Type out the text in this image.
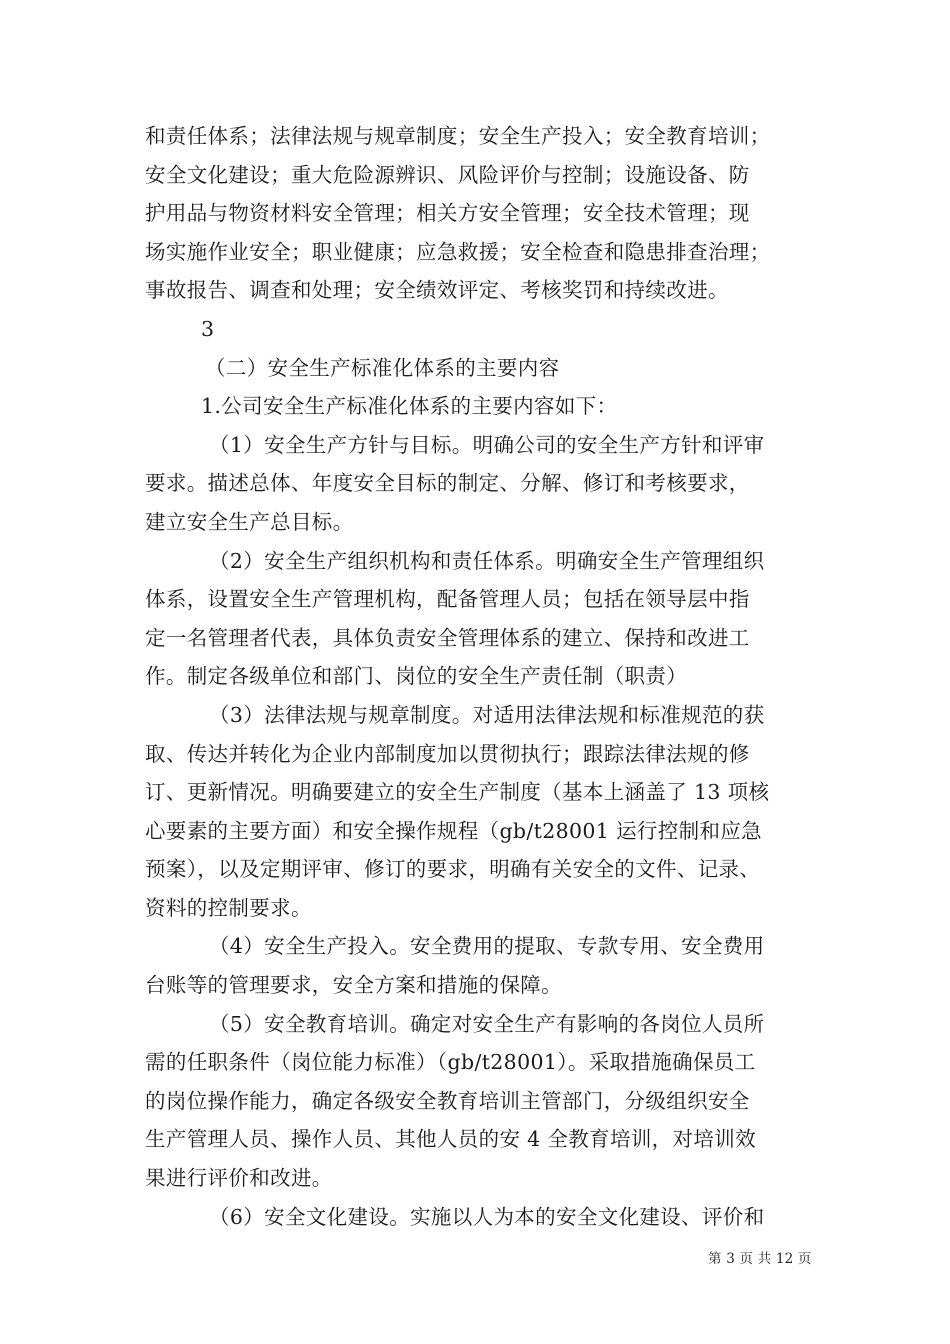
和责任体系；法律法规与规章制度；安全生产投入；安全教育培训；
安全文化建设；重大危险源辨识、风险评价与控制；设施设备、防
护用品与物资材料安全管理；相关方安全管理；安全技术管理；现
场实施作业安全；职业健康；应急救援；安全检查和隐患排查治理；
事故报告、调查和处理；安全绩效评定、考核奖罚和持续改进。
3
（二）安全生产标准化体系的主要内容
1.公司安全生产标准化体系的主要内容如下：
（1）安全生产方针与目标。明确公司的安全生产方针和评审
要求。描述总体、年度安全目标的制定、分解、修订和考核要求，
建立安全生产总目标。
（2）安全生产组织机构和责任体系。明确安全生产管理组织
体系，设置安全生产管理机构，配备管理人员；包括在领导层中指
定一名管理者代表，具体负责安全管理体系的建立、保持和改进工
作。制定各级单位和部门、岗位的安全生产责任制（职责）
（3）法律法规与规章制度。对适用法律法规和标准规范的获
取、传达并转化为企业内部制度加以贯彻执行；跟踪法律法规的修
订、更新情况。明确要建立的安全生产制度（基本上涵盖了 13 项核
心要素的主要方面）和安全操作规程（gb/t28001 运行控制和应急
预案），以及定期评审、修订的要求，明确有关安全的文件、记录、
资料的控制要求。
（4）安全生产投入。安全费用的提取、专款专用、安全费用
台账等的管理要求，安全方案和措施的保障。
（5）安全教育培训。确定对安全生产有影响的各岗位人员所
需的任职条件（岗位能力标准）（gb/t28001）。采取措施确保员工
的岗位操作能力，确定各级安全教育培训主管部门，分级组织安全
生产管理人员、操作人员、其他人员的安 4 全教育培训，对培训效
果进行评价和改进。
（6）安全文化建设。实施以人为本的安全文化建设、评价和
第 3 页 共 12 页
